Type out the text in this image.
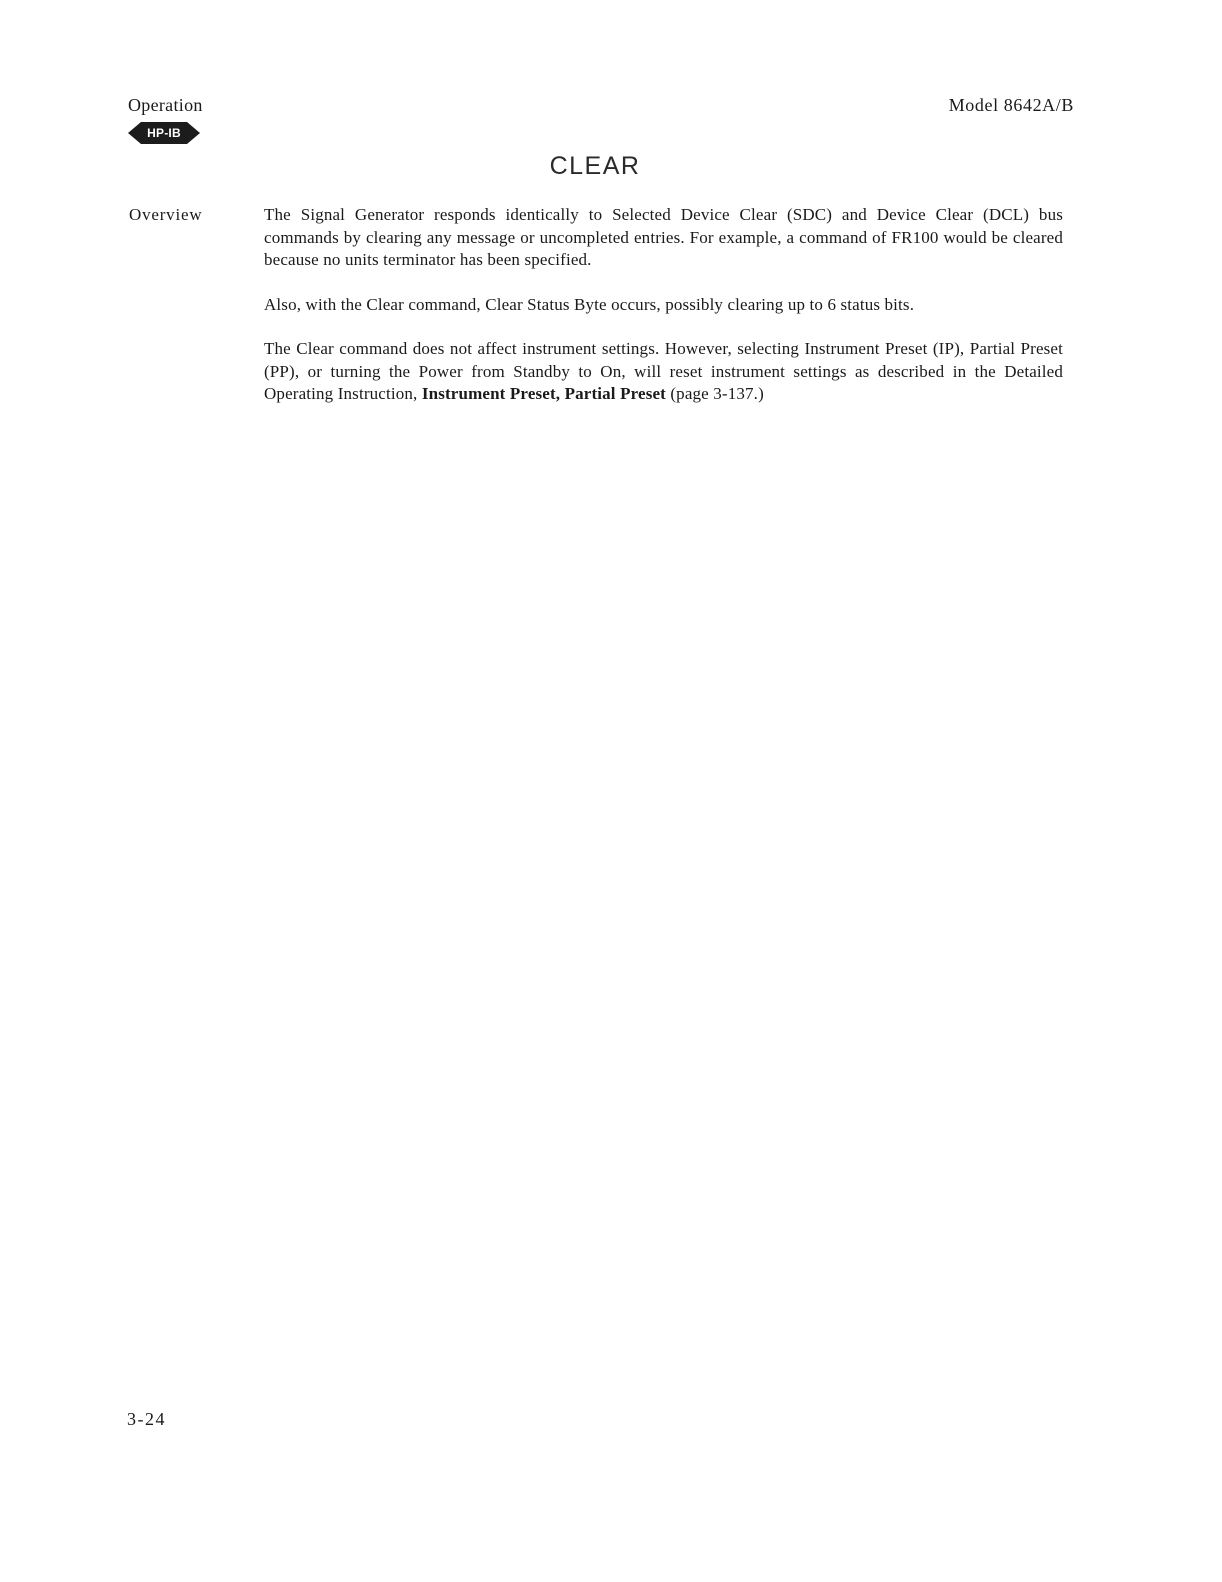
Operation
HP-IB
Model 8642A/B
CLEAR
Overview	The Signal Generator responds identically to Selected Device Clear (SDC) and Device Clear (DCL) bus commands by clearing any message or uncompleted entries. For example, a command of FR100 would be cleared because no units terminator has been specified.

Also, with the Clear command, Clear Status Byte occurs, possibly clearing up to 6 status bits.

The Clear command does not affect instrument settings. However, selecting Instrument Preset (IP), Partial Preset (PP), or turning the Power from Standby to On, will reset instrument settings as described in the Detailed Operating Instruction, Instrument Preset, Partial Preset (page 3-137.)

3-24
